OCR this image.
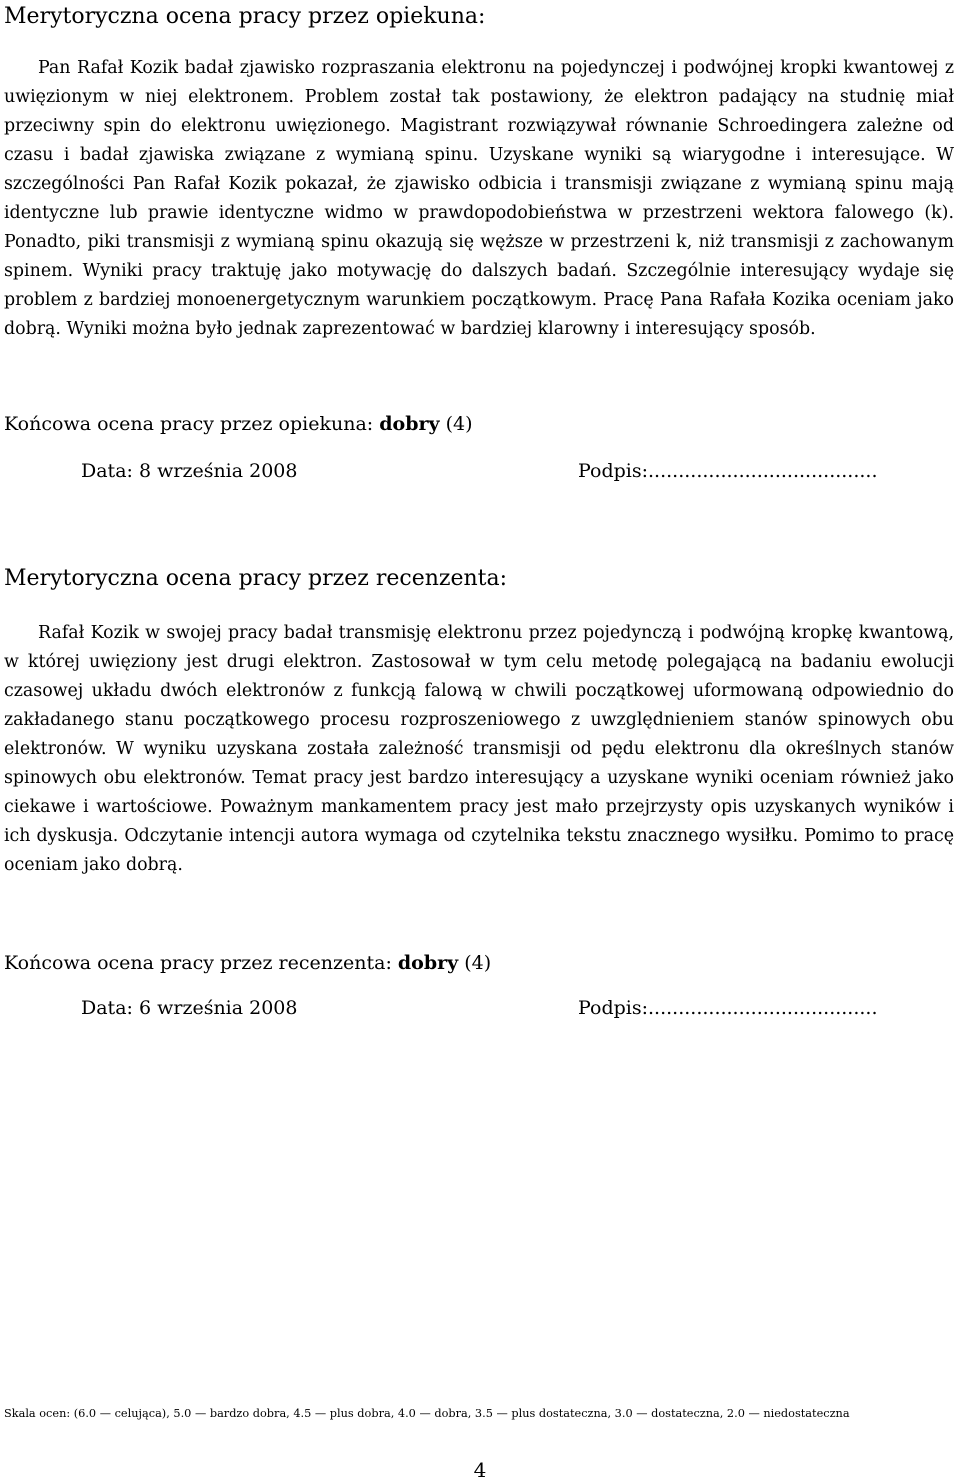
Merytoryczna ocena pracy przez opiekuna:

Pan Rafał Kozik badał zjawisko rozpraszania elektronu na pojedynczej i podwójnej kropki kwantowej z uwięzionym w niej elektronem. Problem został tak postawiony, że elektron padający na studnię miał przeciwny spin do elektronu uwięzionego. Magistrant rozwiązywał równanie Schroedingera zależne od czasu i badał zjawiska związane z wymianą spinu. Uzyskane wyniki są wiarygodne i interesujące. W szczególności Pan Rafał Kozik pokazał, że zjawisko odbicia i transmisji związane z wymianą spinu mają identyczne lub prawie identyczne widmo w prawdopodobieństwa w przestrzeni wektora falowego (k). Ponadto, piki transmisji z wymianą spinu okazują się węższe w przestrzeni k, niż transmisji z zachowanym spinem. Wyniki pracy traktuję jako motywację do dalszych badań. Szczególnie interesujący wydaje się problem z bardziej monoenergetycznym warunkiem początkowym. Pracę Pana Rafała Kozika oceniam jako dobrą. Wyniki można było jednak zaprezentować w bardziej klarowny i interesujący sposób.

Końcowa ocena pracy przez opiekuna: dobry (4)
Data: 8 września 2008	Podpis:......................................
Merytoryczna ocena pracy przez recenzenta:

Rafał Kozik w swojej pracy badał transmisję elektronu przez pojedynczą i podwójną kropkę kwantową, w której uwięziony jest drugi elektron. Zastosował w tym celu metodę polegającą na badaniu ewolucji czasowej układu dwóch elektronów z funkcją falową w chwili początkowej uformowaną odpowiednio do zakładanego stanu początkowego procesu rozproszeniowego z uwzględnieniem stanów spinowych obu elektronów. W wyniku uzyskana została zależność transmisji od pędu elektronu dla określnych stanów spinowych obu elektronów. Temat pracy jest bardzo interesujący a uzyskane wyniki oceniam również jako ciekawe i wartościowe. Poważnym mankamentem pracy jest mało przejrzysty opis uzyskanych wyników i ich dyskusja. Odczytanie intencji autora wymaga od czytelnika tekstu znacznego wysiłku. Pomimo to pracę oceniam jako dobrą.

Końcowa ocena pracy przez recenzenta: dobry (4)
Data: 6 września 2008	Podpis:......................................
Skala ocen: (6.0 — celująca), 5.0 — bardzo dobra, 4.5 — plus dobra, 4.0 — dobra, 3.5 — plus dostateczna, 3.0 — dostateczna, 2.0 — niedostateczna
4
